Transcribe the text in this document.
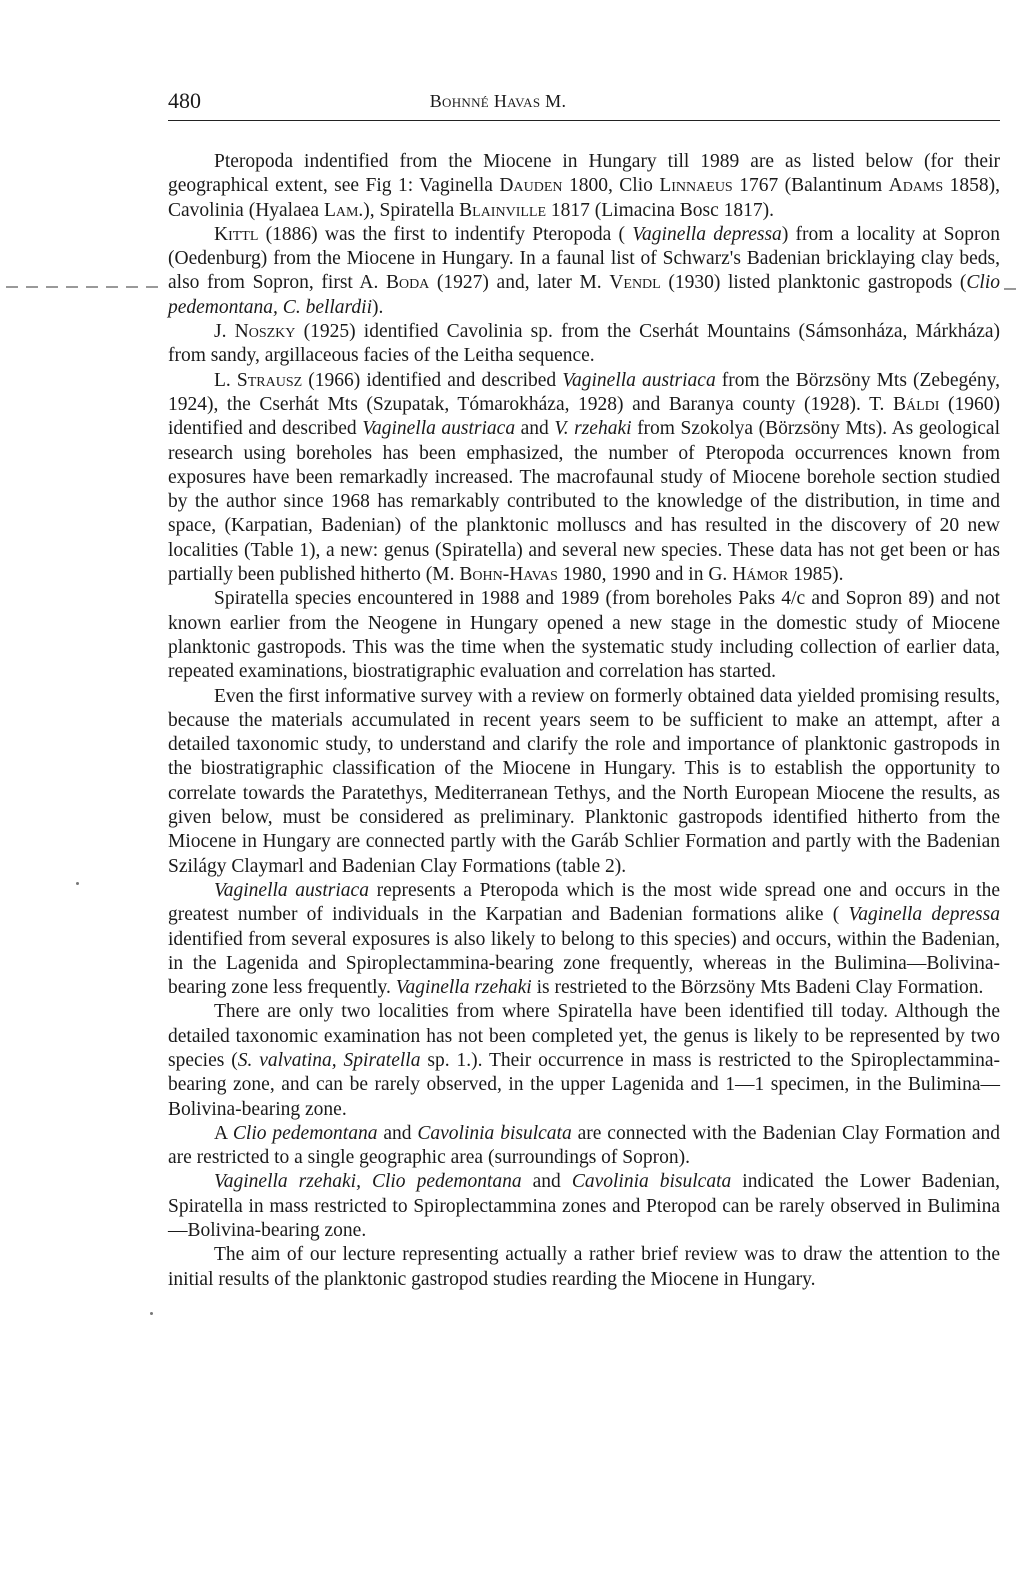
480	Bohnné Havas M.

Pteropoda indentified from the Miocene in Hungary till 1989 are as listed below (for their geographical extent, see Fig 1: Vaginella Dauden 1800, Clio Linnaeus 1767 (Balantinum Adams 1858), Cavolinia (Hyalaea Lam.), Spiratella Blainville 1817 (Limacina Bosc 1817).

Kittl (1886) was the first to indentify Pteropoda ( Vaginella depressa) from a locality at Sopron (Oedenburg) from the Miocene in Hungary. In a faunal list of Schwarz's Badenian bricklaying clay beds, also from Sopron, first A. Boda (1927) and, later M. Vendl (1930) listed planktonic gastropods (Clio pedemontana, C. bellardii).

J. Noszky (1925) identified Cavolinia sp. from the Cserhát Mountains (Sámsonháza, Márkháza) from sandy, argillaceous facies of the Leitha sequence.

L. Strausz (1966) identified and described Vaginella austriaca from the Börzsöny Mts (Zebegény, 1924), the Cserhát Mts (Szupatak, Tómarokháza, 1928) and Baranya county (1928). T. Báldi (1960) identified and described Vaginella austriaca and V. rzehaki from Szokolya (Börzsöny Mts). As geological research using boreholes has been emphasized, the number of Pteropoda occurrences known from exposures have been remarkadly increased. The macrofaunal study of Miocene borehole section studied by the author since 1968 has remarkably contributed to the knowledge of the distribution, in time and space, (Karpatian, Badenian) of the planktonic molluscs and has resulted in the discovery of 20 new localities (Table 1), a new: genus (Spiratella) and several new species. These data has not get been or has partially been published hitherto (M. Bohn-Havas 1980, 1990 and in G. Hámor 1985).

Spiratella species encountered in 1988 and 1989 (from boreholes Paks 4/c and Sopron 89) and not known earlier from the Neogene in Hungary opened a new stage in the domestic study of Miocene planktonic gastropods. This was the time when the systematic study including collection of earlier data, repeated examinations, biostratigraphic evaluation and correlation has started.

Even the first informative survey with a review on formerly obtained data yielded promising results, because the materials accumulated in recent years seem to be sufficient to make an attempt, after a detailed taxonomic study, to understand and clarify the role and importance of planktonic gastropods in the biostratigraphic classification of the Miocene in Hungary. This is to establish the opportunity to correlate towards the Paratethys, Mediterranean Tethys, and the North European Miocene the results, as given below, must be considered as preliminary. Planktonic gastropods identified hitherto from the Miocene in Hungary are connected partly with the Garáb Schlier Formation and partly with the Badenian Szilágy Claymarl and Badenian Clay Formations (table 2).

Vaginella austriaca represents a Pteropoda which is the most wide spread one and occurs in the greatest number of individuals in the Karpatian and Badenian formations alike ( Vaginella depressa identified from several exposures is also likely to belong to this species) and occurs, within the Badenian, in the Lagenida and Spiroplectammina-bearing zone frequently, whereas in the Bulimina—Bolivina-bearing zone less frequently. Vaginella rzehaki is restrieted to the Börzsöny Mts Badeni Clay Formation.

There are only two localities from where Spiratella have been identified till today. Although the detailed taxonomic examination has not been completed yet, the genus is likely to be represented by two species (S. valvatina, Spiratella sp. 1.). Their occurrence in mass is restricted to the Spiroplectammina-bearing zone, and can be rarely observed, in the upper Lagenida and 1—1 specimen, in the Bulimina—Bolivina-bearing zone.

A Clio pedemontana and Cavolinia bisulcata are connected with the Badenian Clay Formation and are restricted to a single geographic area (surroundings of Sopron).

Vaginella rzehaki, Clio pedemontana and Cavolinia bisulcata indicated the Lower Badenian, Spiratella in mass restricted to Spiroplectammina zones and Pteropod can be rarely observed in Bulimina—Bolivina-bearing zone.

The aim of our lecture representing actually a rather brief review was to draw the attention to the initial results of the planktonic gastropod studies rearding the Miocene in Hungary.
